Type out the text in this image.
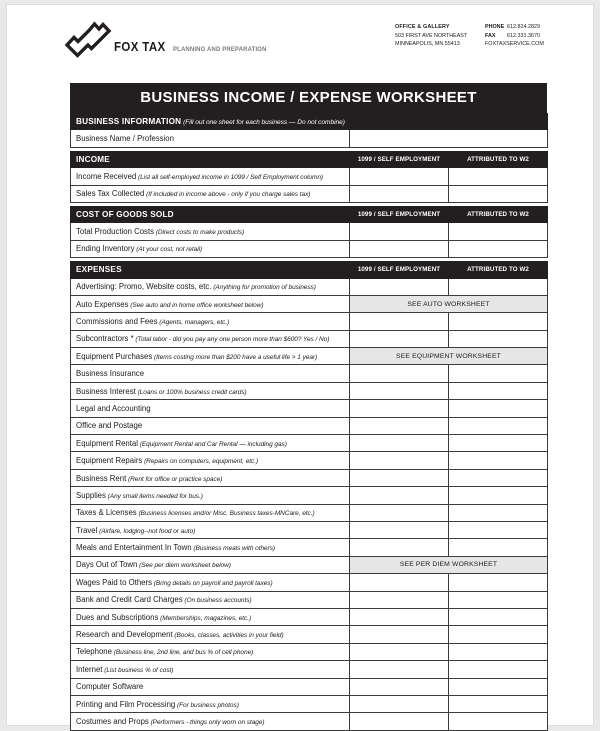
FOX TAX PLANNING AND PREPARATION
OFFICE & GALLERY
503 FIRST AVE NORTHEAST
MINNEAPOLIS, MN 55413
PHONE 612.824.2829
FAX 612.331.3670
FOXTAXSERVICE.COM
BUSINESS INCOME / EXPENSE WORKSHEET
BUSINESS INFORMATION (Fill out one sheet for each business — Do not combine)		
Business Name / Profession		

INCOME	1099 / SELF EMPLOYMENT	ATTRIBUTED TO W2
Income Received (List all self-employed income in 1099 / Self Employment column)		
Sales Tax Collected (If included in income above - only if you charge sales tax)		

COST OF GOODS SOLD	1099 / SELF EMPLOYMENT	ATTRIBUTED TO W2
Total Production Costs (Direct costs to make products)		
Ending Inventory (At your cost, not retail)		

EXPENSES	1099 / SELF EMPLOYMENT	ATTRIBUTED TO W2
Advertising: Promo, Website costs, etc. (Anything for promotion of business)		
Auto Expenses (See auto and in home office worksheet below)	SEE AUTO WORKSHEET	
Commissions and Fees (Agents, managers, etc.)		
Subcontractors * (Total labor - did you pay any one person more than $600? Yes / No)		
Equipment Purchases (Items costing more than $200 have a useful life > 1 year)	SEE EQUIPMENT WORKSHEET	
Business Insurance		
Business Interest (Loans or 100% business credit cards)		
Legal and Accounting		
Office and Postage		
Equipment Rental (Equipment Rental and Car Rental — including gas)		
Equipment Repairs (Repairs on computers, equipment, etc.)		
Business Rent (Rent for office or practice space)		
Supplies (Any small items needed for bus.)		
Taxes & Licenses (Business licenses and/or Misc. Business taxes-MNCare, etc.)		
Travel (Airfare, lodging--not food or auto)		
Meals and Entertainment In Town (Business meals with others)		
Days Out of Town (See per diem worksheet below)	SEE PER DIEM WORKSHEET	
Wages Paid to Others (Bring details on payroll and payroll taxes)		
Bank and Credit Card Charges (On business accounts)		
Dues and Subscriptions (Memberships, magazines, etc.)		
Research and Development (Books, classes, activities in your field)		
Telephone (Business line, 2nd line, and bus % of cell phone)		
Internet (List business % of cost)		
Computer Software		
Printing and Film Processing (For business photos)		
Costumes and Props (Performers - things only worn on stage)		
